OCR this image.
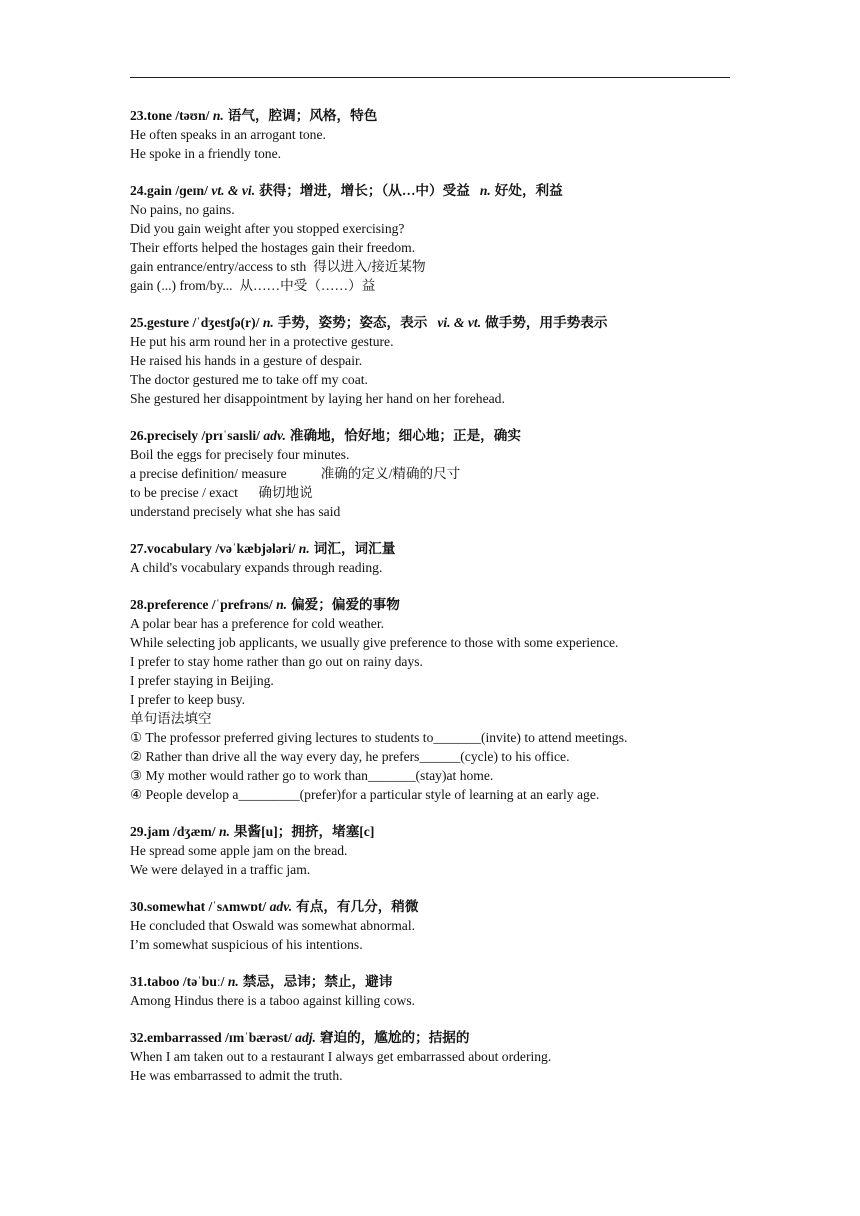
23.tone /təʊn/ n. 语气，腔调；风格，特色
He often speaks in an arrogant tone.
He spoke in a friendly tone.
24.gain /ɡeɪn/ vt. & vi. 获得；增进，增长；（从…中）受益 n. 好处，利益
No pains, no gains.
Did you gain weight after you stopped exercising?
Their efforts helped the hostages gain their freedom.
gain entrance/entry/access to sth  得以进入/接近某物
gain (...) from/by...  从……中受（……）益
25.gesture /ˈdʒestʃə(r)/ n. 手势，姿势；姿态，表示 vi. & vt. 做手势，用手势表示
He put his arm round her in a protective gesture.
He raised his hands in a gesture of despair.
The doctor gestured me to take off my coat.
She gestured her disappointment by laying her hand on her forehead.
26.precisely /prɪˈsaɪsli/ adv. 准确地，恰好地；细心地；正是，确实
Boil the eggs for precisely four minutes.
a precise definition/ measure          准确的定义/精确的尺寸
to be precise / exact      确切地说
understand precisely what she has said
27.vocabulary /vəˈkæbjələri/ n. 词汇，词汇量
A child's vocabulary expands through reading.
28.preference /ˈprefrəns/ n. 偏爱；偏爱的事物
A polar bear has a preference for cold weather.
While selecting job applicants, we usually give preference to those with some experience.
I prefer to stay home rather than go out on rainy days.
I prefer staying in Beijing.
I prefer to keep busy.
单句语法填空
① The professor preferred giving lectures to students to_______(invite) to attend meetings.
② Rather than drive all the way every day, he prefers______(cycle) to his office.
③ My mother would rather go to work than_______(stay)at home.
④ People develop a_________(prefer)for a particular style of learning at an early age.
29.jam /dʒæm/ n. 果酱[u]；拥挤，堵塞[c]
He spread some apple jam on the bread.
We were delayed in a traffic jam.
30.somewhat /ˈsʌmwɒt/ adv. 有点，有几分，稍微
He concluded that Oswald was somewhat abnormal.
I’m somewhat suspicious of his intentions.
31.taboo /təˈbuː/ n. 禁忌，忌讳；禁止，避讳
Among Hindus there is a taboo against killing cows.
32.embarrassed /ɪmˈbærəst/ adj. 窘迫的，尴尬的；拮据的
When I am taken out to a restaurant I always get embarrassed about ordering.
He was embarrassed to admit the truth.
